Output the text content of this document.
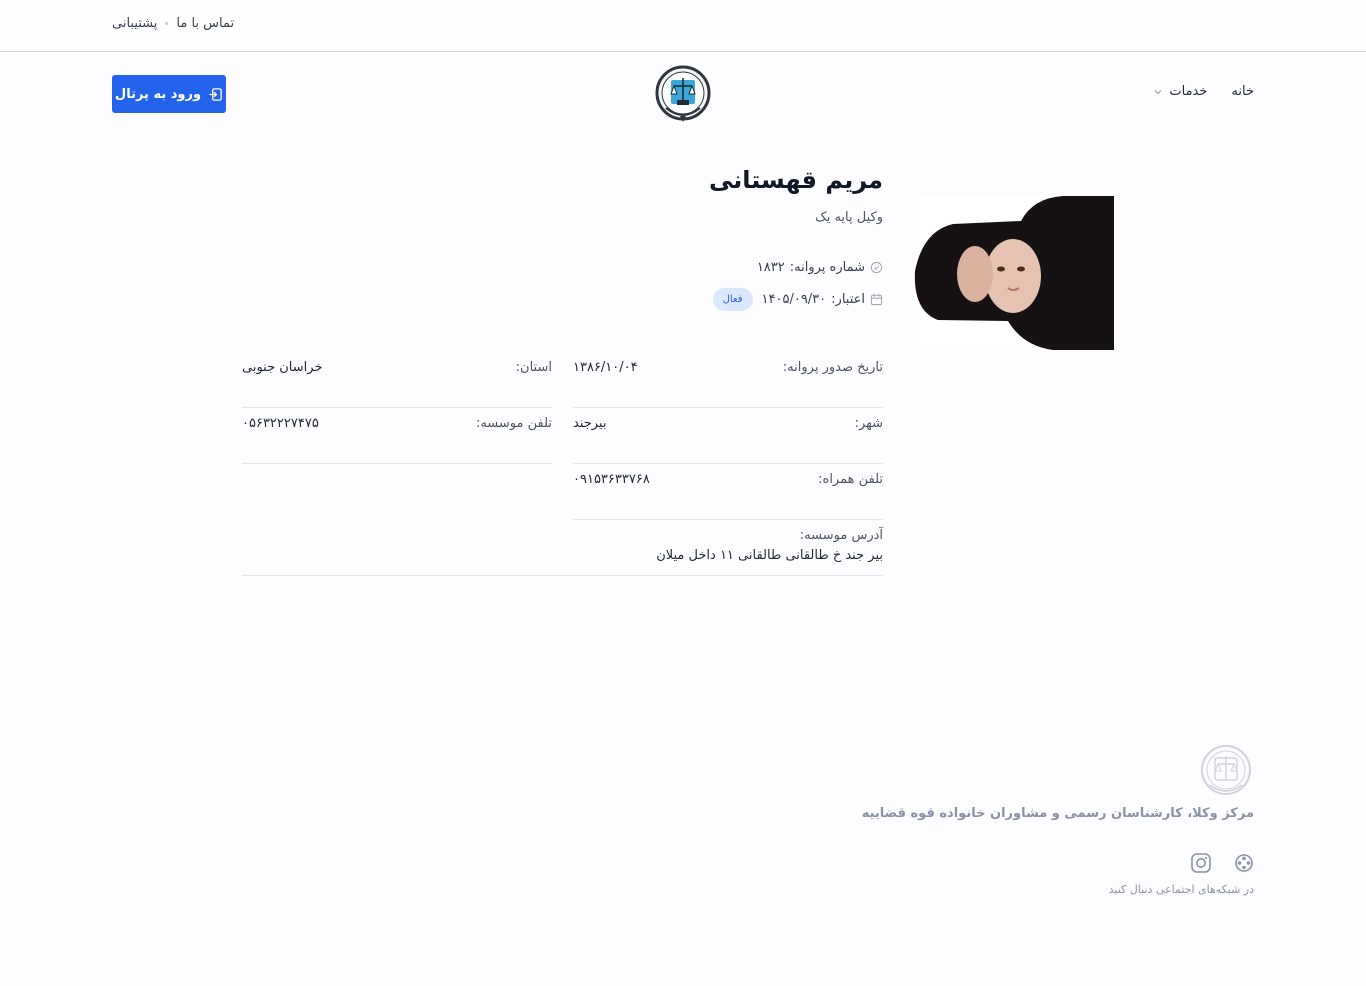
پشتیبانی تماس با ما
خانه
خدمات
ورود به پرتال
مریم قهستانی
وکیل پایه یک
شماره پروانه:
۱۸۳۲
اعتبار:
۱۴۰۵/۰۹/۳۰
فعال
تاریخ صدور پروانه:
۱۳۸۶/۱۰/۰۴
استان:
خراسان جنوبی
شهر:
بیرجند
تلفن موسسه:
۰۵۶۳۲۲۲۷۴۷۵
تلفن همراه:
۰۹۱۵۳۶۳۳۷۶۸
آدرس موسسه:
بیر جند خ طالقانی طالقانی ۱۱ داخل میلان
مرکز وکلا، کارشناسان رسمی و مشاوران خانواده قوه قضاییه
در شبکه‌های اجتماعی دنبال کنید
